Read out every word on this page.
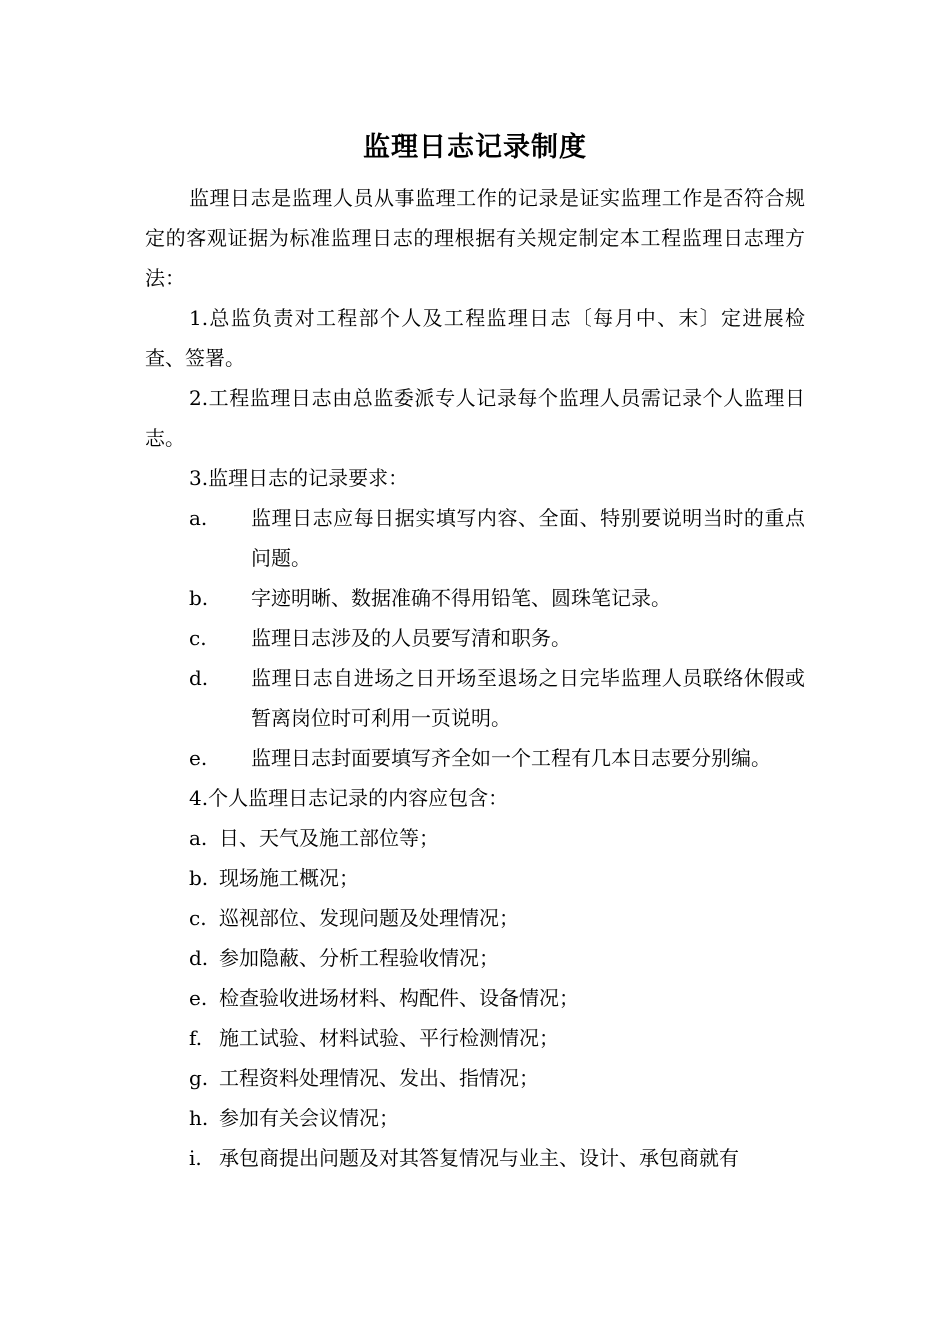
监理日志记录制度

监理日志是监理人员从事监理工作的记录是证实监理工作是否符合规定的客观证据为标准监理日志的理根据有关规定制定本工程监理日志理方法：

1.总监负责对工程部个人及工程监理日志〔每月中、末〕定进展检查、签署。

2.工程监理日志由总监委派专人记录每个监理人员需记录个人监理日志。

3.监理日志的记录要求：

a.	监理日志应每日据实填写内容、全面、特别要说明当时的重点问题。
b.	字迹明晰、数据准确不得用铅笔、圆珠笔记录。
c.	监理日志涉及的人员要写清和职务。
d.	监理日志自进场之日开场至退场之日完毕监理人员联络休假或暂离岗位时可利用一页说明。
e.	监理日志封面要填写齐全如一个工程有几本日志要分别编。

4.个人监理日志记录的内容应包含：

a. 日、天气及施工部位等；
b. 现场施工概况；
c. 巡视部位、发现问题及处理情况；
d. 参加隐蔽、分析工程验收情况；
e. 检查验收进场材料、构配件、设备情况；
f. 施工试验、材料试验、平行检测情况；
g. 工程资料处理情况、发出、指情况；
h. 参加有关会议情况；
i. 承包商提出问题及对其答复情况与业主、设计、承包商就有
